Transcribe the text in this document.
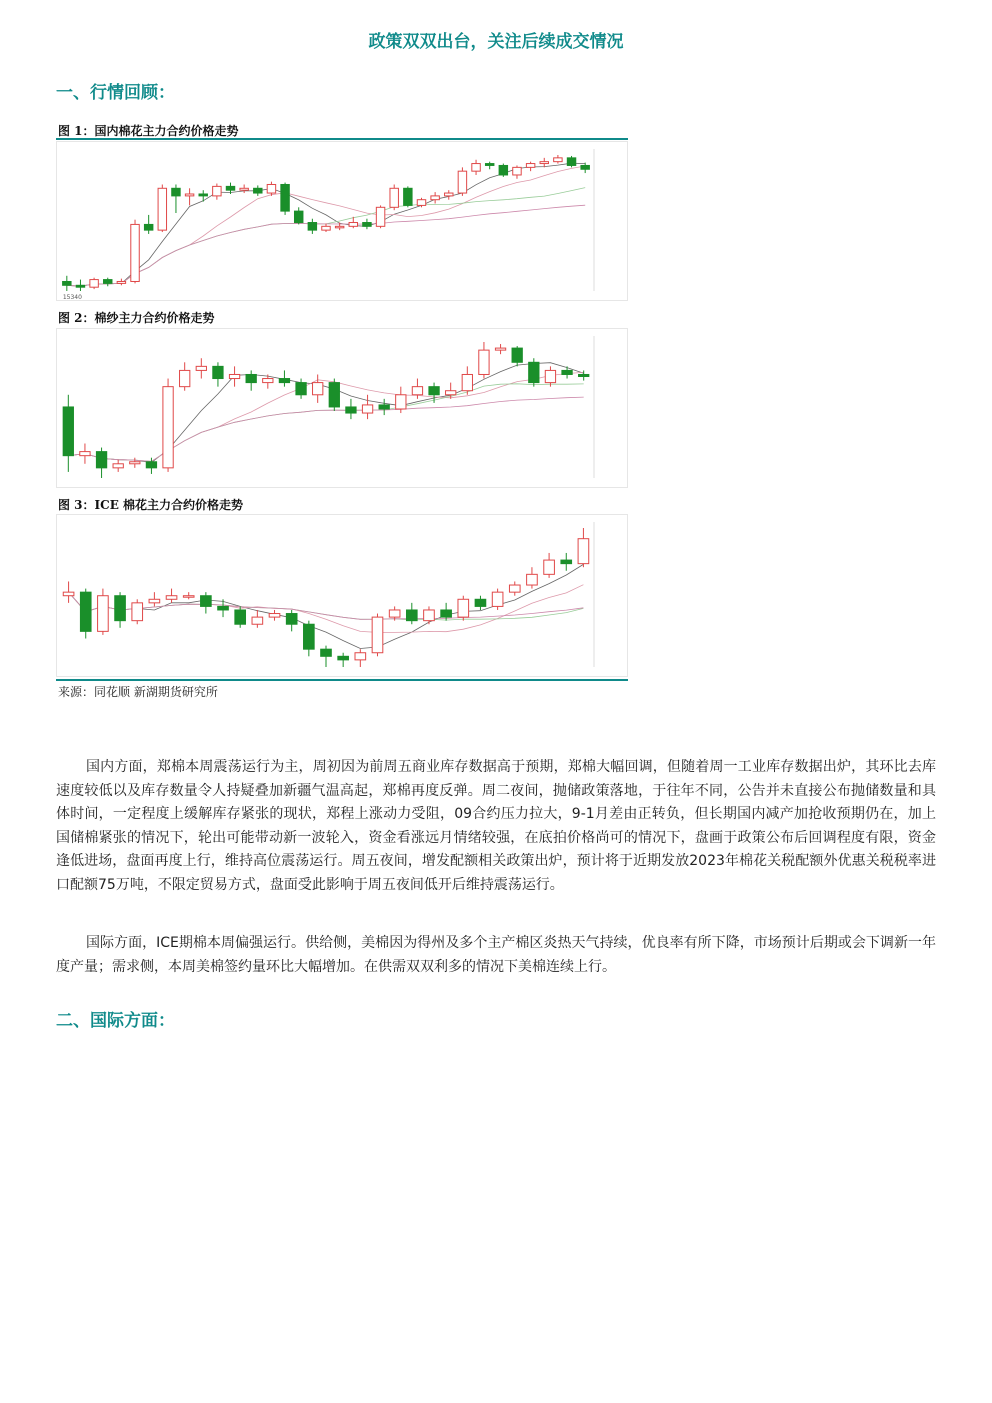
政策双双出台，关注后续成交情况
一、行情回顾：
图 1：国内棉花主力合约价格走势
15340
图 2：棉纱主力合约价格走势
图 3：ICE 棉花主力合约价格走势
来源：同花顺 新湖期货研究所
国内方面，郑棉本周震荡运行为主，周初因为前周五商业库存数据高于预期，郑棉大幅回调，但随着周一工业库存数据出炉，其环比去库速度较低以及库存数量令人持疑叠加新疆气温高起，郑棉再度反弹。周二夜间，抛储政策落地，于往年不同，公告并未直接公布抛储数量和具体时间，一定程度上缓解库存紧张的现状，郑程上涨动力受阻，09合约压力拉大，9-1月差由正转负，但长期国内减产加抢收预期仍在，加上国储棉紧张的情况下，轮出可能带动新一波轮入，资金看涨远月情绪较强，在底拍价格尚可的情况下，盘画于政策公布后回调程度有限，资金逢低进场，盘面再度上行，维持高位震荡运行。周五夜间，增发配额相关政策出炉，预计将于近期发放2023年棉花关税配额外优惠关税税率进口配额75万吨，不限定贸易方式，盘面受此影响于周五夜间低开后维持震荡运行。
国际方面，ICE期棉本周偏强运行。供给侧，美棉因为得州及多个主产棉区炎热天气持续，优良率有所下降，市场预计后期或会下调新一年度产量；需求侧，本周美棉签约量环比大幅增加。在供需双双利多的情况下美棉连续上行。
二、国际方面：
